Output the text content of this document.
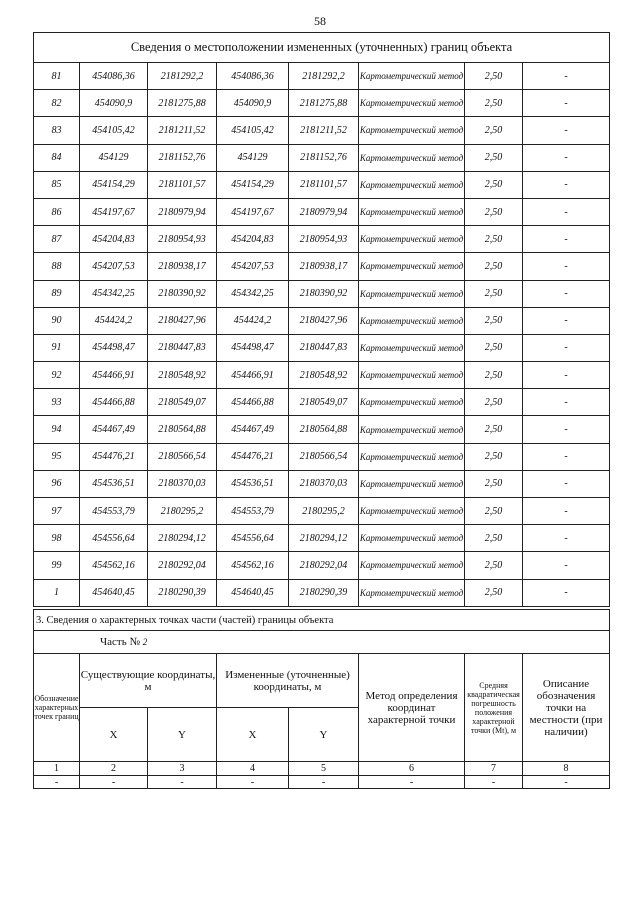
58
Сведения о местоположении измененных (уточненных) границ объекта							
81	454086,36	2181292,2	454086,36	2181292,2	Картометрический метод	2,50	-
82	454090,9	2181275,88	454090,9	2181275,88	Картометрический метод	2,50	-
83	454105,42	2181211,52	454105,42	2181211,52	Картометрический метод	2,50	-
84	454129	2181152,76	454129	2181152,76	Картометрический метод	2,50	-
85	454154,29	2181101,57	454154,29	2181101,57	Картометрический метод	2,50	-
86	454197,67	2180979,94	454197,67	2180979,94	Картометрический метод	2,50	-
87	454204,83	2180954,93	454204,83	2180954,93	Картометрический метод	2,50	-
88	454207,53	2180938,17	454207,53	2180938,17	Картометрический метод	2,50	-
89	454342,25	2180390,92	454342,25	2180390,92	Картометрический метод	2,50	-
90	454424,2	2180427,96	454424,2	2180427,96	Картометрический метод	2,50	-
91	454498,47	2180447,83	454498,47	2180447,83	Картометрический метод	2,50	-
92	454466,91	2180548,92	454466,91	2180548,92	Картометрический метод	2,50	-
93	454466,88	2180549,07	454466,88	2180549,07	Картометрический метод	2,50	-
94	454467,49	2180564,88	454467,49	2180564,88	Картометрический метод	2,50	-
95	454476,21	2180566,54	454476,21	2180566,54	Картометрический метод	2,50	-
96	454536,51	2180370,03	454536,51	2180370,03	Картометрический метод	2,50	-
97	454553,79	2180295,2	454553,79	2180295,2	Картометрический метод	2,50	-
98	454556,64	2180294,12	454556,64	2180294,12	Картометрический метод	2,50	-
99	454562,16	2180292,04	454562,16	2180292,04	Картометрический метод	2,50	-
1	454640,45	2180290,39	454640,45	2180290,39	Картометрический метод	2,50	-
3. Сведения о характерных точках части (частей) границы объекта							
Часть № 2							
Обозначение характерных точек границ	Существующие координаты, м		Измененные (уточненные) координаты, м		Метод определения координат характерной точки	Средняя квадратическая погрешность положения характерной точки (Mt), м	Описание обозначения точки на местности (при наличии)
	X	Y	X	Y			
1	2	3	4	5	6	7	8
-	-	-	-	-	-	-	-
